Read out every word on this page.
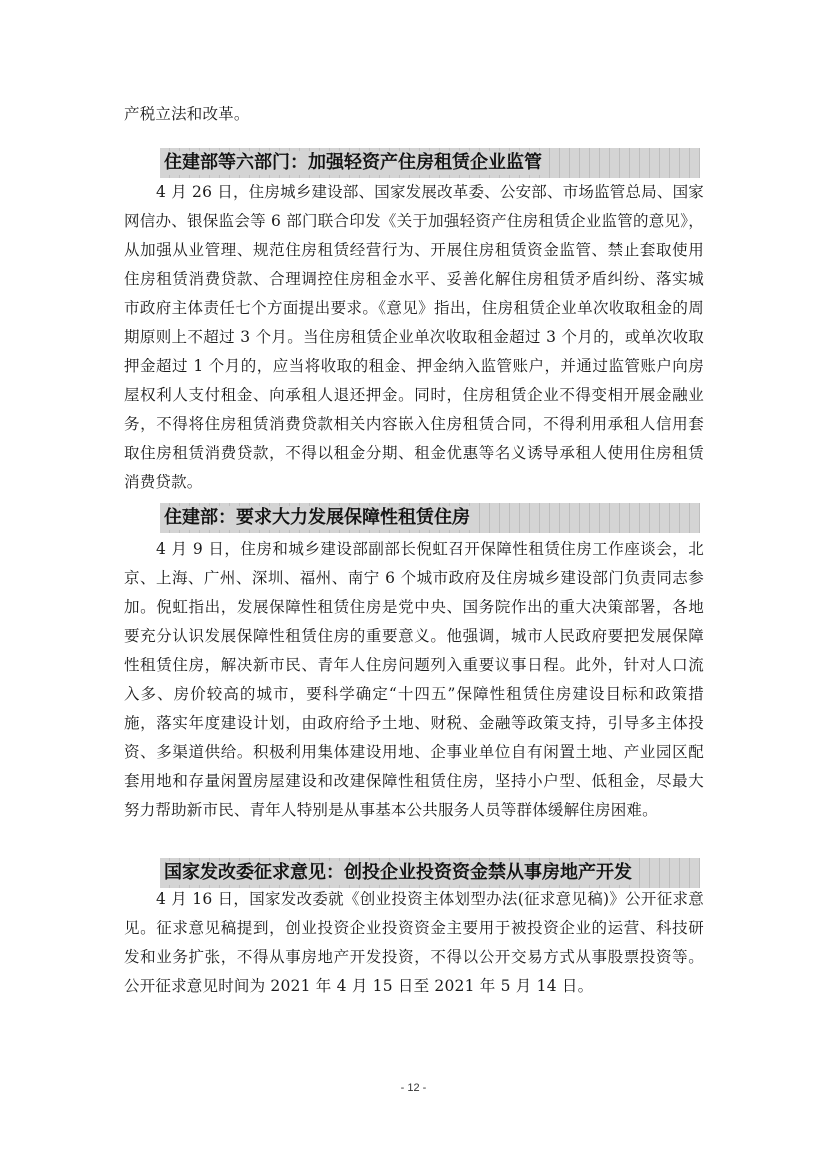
产税立法和改革。

住建部等六部门：加强轻资产住房租赁企业监管

4 月 26 日，住房城乡建设部、国家发展改革委、公安部、市场监管总局、国家网信办、银保监会等 6 部门联合印发《关于加强轻资产住房租赁企业监管的意见》，从加强从业管理、规范住房租赁经营行为、开展住房租赁资金监管、禁止套取使用住房租赁消费贷款、合理调控住房租金水平、妥善化解住房租赁矛盾纠纷、落实城市政府主体责任七个方面提出要求。《意见》指出，住房租赁企业单次收取租金的周期原则上不超过 3 个月。当住房租赁企业单次收取租金超过 3 个月的，或单次收取押金超过 1 个月的，应当将收取的租金、押金纳入监管账户，并通过监管账户向房屋权利人支付租金、向承租人退还押金。同时，住房租赁企业不得变相开展金融业务，不得将住房租赁消费贷款相关内容嵌入住房租赁合同，不得利用承租人信用套取住房租赁消费贷款，不得以租金分期、租金优惠等名义诱导承租人使用住房租赁消费贷款。

住建部：要求大力发展保障性租赁住房

4 月 9 日，住房和城乡建设部副部长倪虹召开保障性租赁住房工作座谈会，北京、上海、广州、深圳、福州、南宁 6 个城市政府及住房城乡建设部门负责同志参加。倪虹指出，发展保障性租赁住房是党中央、国务院作出的重大决策部署，各地要充分认识发展保障性租赁住房的重要意义。他强调，城市人民政府要把发展保障性租赁住房，解决新市民、青年人住房问题列入重要议事日程。此外，针对人口流入多、房价较高的城市，要科学确定“十四五”保障性租赁住房建设目标和政策措施，落实年度建设计划，由政府给予土地、财税、金融等政策支持，引导多主体投资、多渠道供给。积极利用集体建设用地、企事业单位自有闲置土地、产业园区配套用地和存量闲置房屋建设和改建保障性租赁住房，坚持小户型、低租金，尽最大努力帮助新市民、青年人特别是从事基本公共服务人员等群体缓解住房困难。

国家发改委征求意见：创投企业投资资金禁从事房地产开发

4 月 16 日，国家发改委就《创业投资主体划型办法(征求意见稿)》公开征求意见。征求意见稿提到，创业投资企业投资资金主要用于被投资企业的运营、科技研发和业务扩张，不得从事房地产开发投资，不得以公开交易方式从事股票投资等。公开征求意见时间为 2021 年 4 月 15 日至 2021 年 5 月 14 日。

- 12 -
